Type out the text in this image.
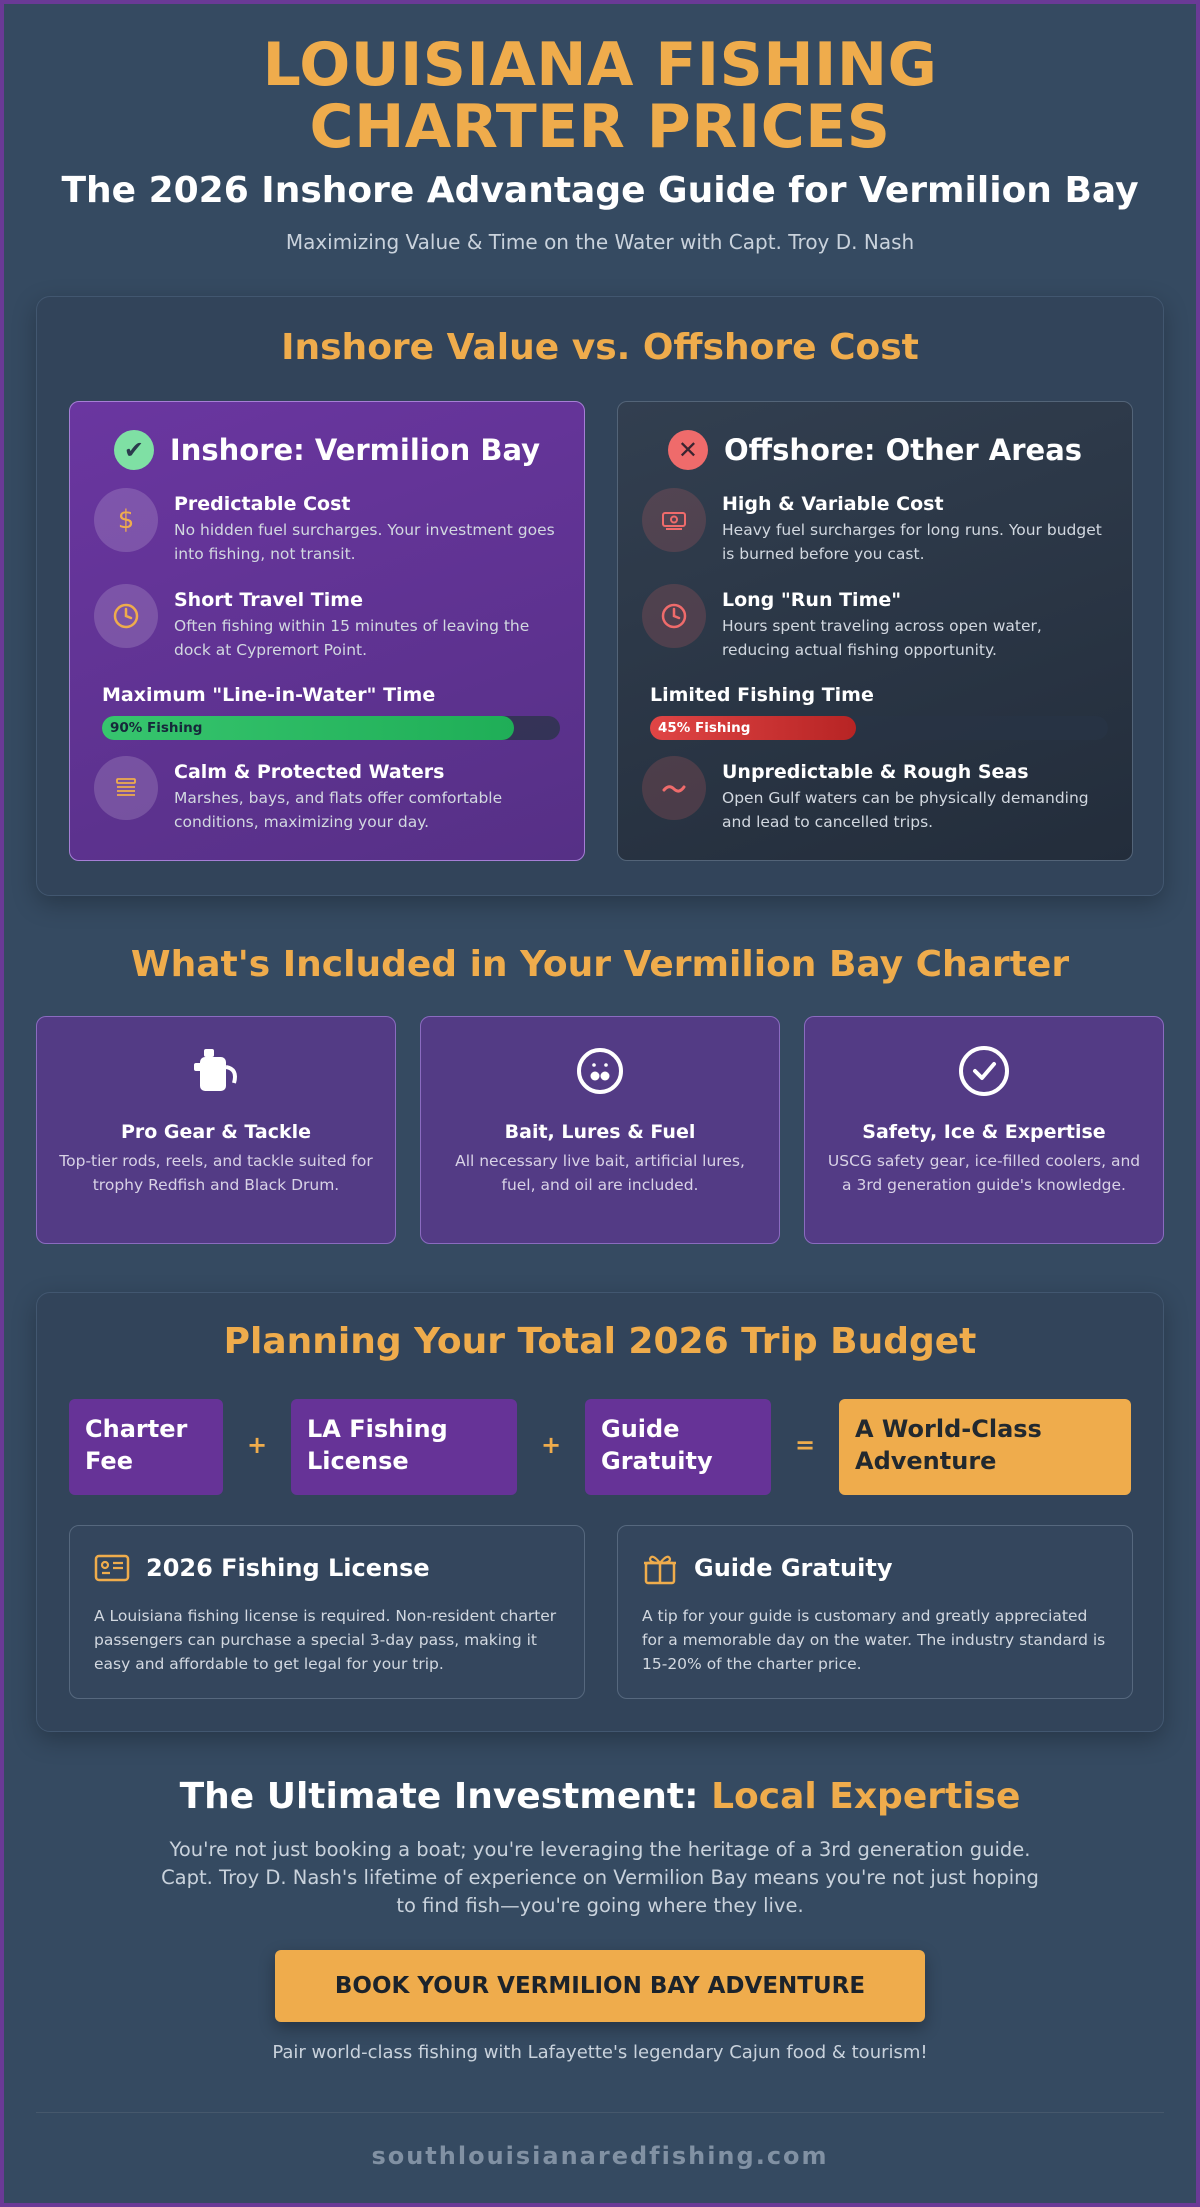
LOUISIANA FISHING CHARTER PRICES
The 2026 Inshore Advantage Guide for Vermilion Bay
Maximizing Value & Time on the Water with Capt. Troy D. Nash
Inshore Value vs. Offshore Cost
✔ Inshore: Vermilion Bay
$
Predictable Cost
No hidden fuel surcharges. Your investment goes into fishing, not transit.
Short Travel Time
Often fishing within 15 minutes of leaving the dock at Cypremort Point.
Maximum "Line-in-Water" Time
90% Fishing
Calm & Protected Waters
Marshes, bays, and flats offer comfortable conditions, maximizing your day.
✕ Offshore: Other Areas
High & Variable Cost
Heavy fuel surcharges for long runs. Your budget is burned before you cast.
Long "Run Time"
Hours spent traveling across open water, reducing actual fishing opportunity.
Limited Fishing Time
45% Fishing
Unpredictable & Rough Seas
Open Gulf waters can be physically demanding and lead to cancelled trips.
What's Included in Your Vermilion Bay Charter
Pro Gear & Tackle
Top-tier rods, reels, and tackle suited for trophy Redfish and Black Drum.
Bait, Lures & Fuel
All necessary live bait, artificial lures, fuel, and oil are included.
Safety, Ice & Expertise
USCG safety gear, ice-filled coolers, and a 3rd generation guide's knowledge.
Planning Your Total 2026 Trip Budget
Charter Fee
+
LA Fishing License
+
Guide Gratuity
=
A World-Class Adventure
2026 Fishing License
A Louisiana fishing license is required. Non-resident charter passengers can purchase a special 3-day pass, making it easy and affordable to get legal for your trip.
Guide Gratuity
A tip for your guide is customary and greatly appreciated for a memorable day on the water. The industry standard is 15-20% of the charter price.
The Ultimate Investment: Local Expertise
You're not just booking a boat; you're leveraging the heritage of a 3rd generation guide. Capt. Troy D. Nash's lifetime of experience on Vermilion Bay means you're not just hoping to find fish—you're going where they live.
BOOK YOUR VERMILION BAY ADVENTURE
Pair world-class fishing with Lafayette's legendary Cajun food & tourism!
southlouisianaredfishing.com
